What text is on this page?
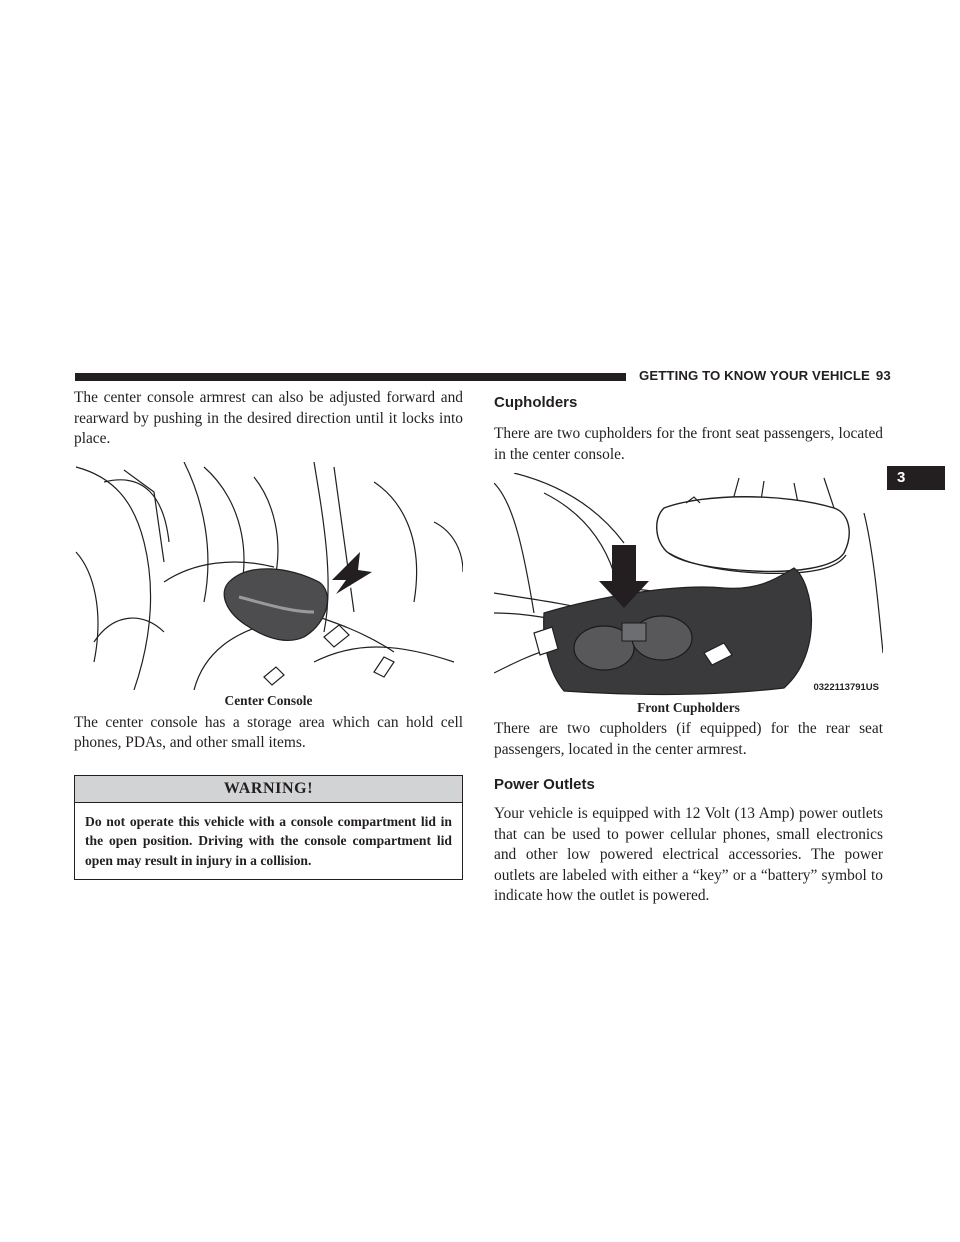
GETTING TO KNOW YOUR VEHICLE 93
3

The center console armrest can also be adjusted forward and rearward by pushing in the desired direction until it locks into place.

0322114935US
Center Console

The center console has a storage area which can hold cell phones, PDAs, and other small items.

WARNING!
Do not operate this vehicle with a console compartment lid in the open position. Driving with the console compartment lid open may result in injury in a collision.
Cupholders

There are two cupholders for the front seat passengers, located in the center console.

0322113791US
Front Cupholders

There are two cupholders (if equipped) for the rear seat passengers, located in the center armrest.

Power Outlets

Your vehicle is equipped with 12 Volt (13 Amp) power outlets that can be used to power cellular phones, small electronics and other low powered electrical accessories. The power outlets are labeled with either a “key” or a “battery” symbol to indicate how the outlet is powered.
